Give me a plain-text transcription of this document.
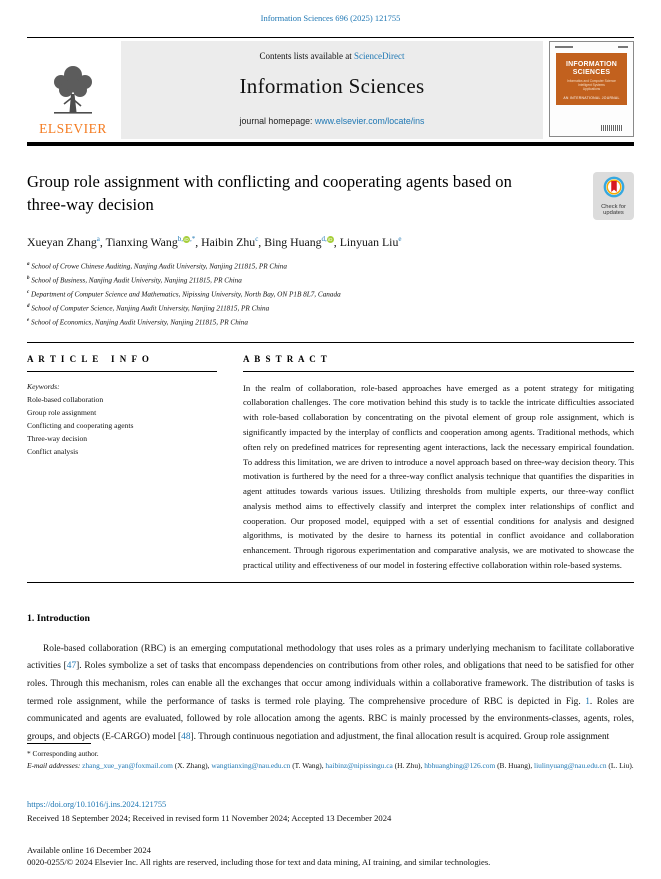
Information Sciences 696 (2025) 121755
ELSEVIER
Contents lists available at ScienceDirect
Information Sciences
journal homepage: www.elsevier.com/locate/ins
INFORMATION
SCIENCES
Informatics and Computer Science
Intelligent Systems
Applications
AN INTERNATIONAL JOURNAL
Group role assignment with conflicting and cooperating agents based on three-way decision	Check for updates
Xueyan Zhang$^a$, Tianxing Wang$^{b,}$iD,*, Haibin Zhu$^c$, Bing Huang$^{d,}$iD, Linyuan Liu$^e$
$^a$ School of Crowe Chinese Auditing, Nanjing Audit University, Nanjing 211815, PR China
$^b$ School of Business, Nanjing Audit University, Nanjing 211815, PR China
$^c$ Department of Computer Science and Mathematics, Nipissing University, North Bay, ON P1B 8L7, Canada
$^d$ School of Computer Science, Nanjing Audit University, Nanjing 211815, PR China
$^e$ School of Economics, Nanjing Audit University, Nanjing 211815, PR China
A R T I C L E   I N F O
Keywords:
Role-based collaboration
Group role assignment
Conflicting and cooperating agents
Three-way decision
Conflict analysis
A B S T R A C T

In the realm of collaboration, role-based approaches have emerged as a potent strategy for mitigating collaboration challenges. The core motivation behind this study is to tackle the intricate difficulties associated with role-based collaboration by concentrating on the pivotal element of group role assignment, which is significantly impacted by the interplay of conflicts and cooperation among agents. Traditional methods, which often rely on predefined matrices for representing agent interactions, lack the necessary empirical foundation. To address this limitation, we are driven to introduce a novel approach based on three-way decision theory. This motivation is furthered by the need for a three-way conflict analysis technique that quantifies the disparities in agent attitudes towards various issues. Utilizing thresholds from multiple experts, our three-way conflict analysis method aims to effectively classify and interpret the complex inter relationships of conflict and cooperation. Our proposed model, equipped with a set of essential conditions for analysis and designed algorithms, is motivated by the desire to harness its potential in conflict avoidance and collaboration enhancement. Through rigorous experimentation and comparative analysis, we are motivated to showcase the practical utility and effectiveness of our model in fostering effective collaboration within role-based systems.

1. Introduction

Role-based collaboration (RBC) is an emerging computational methodology that uses roles as a primary underlying mechanism to facilitate collaborative activities [47]. Roles symbolize a set of tasks that encompass dependencies on contributions from other roles, and obligations that need to be satisfied for other roles. Through this mechanism, roles can enable all the exchanges that occur among individuals within a collaborative framework. The distribution of tasks is termed role assignment, while the performance of tasks is termed role playing. The comprehensive procedure of RBC is depicted in Fig. 1. Roles are communicated and agents are evaluated, followed by role allocation among the agents. RBC is mainly processed by the environments-classes, agents, roles, groups, and objects (E-CARGO) model [48]. Through continuous negotiation and adjustment, the final allocation result is acquired. Group role assignment

* Corresponding author.
E-mail addresses: zhang_xue_yan@foxmail.com (X. Zhang), wangtianxing@nau.edu.cn (T. Wang), haibinz@nipissingu.ca (H. Zhu), hbhuangbing@126.com (B. Huang), liulinyuang@nau.edu.cn (L. Liu).
https://doi.org/10.1016/j.ins.2024.121755
Received 18 September 2024; Received in revised form 11 November 2024; Accepted 13 December 2024
Available online 16 December 2024
0020-0255/© 2024 Elsevier Inc. All rights are reserved, including those for text and data mining, AI training, and similar technologies.
